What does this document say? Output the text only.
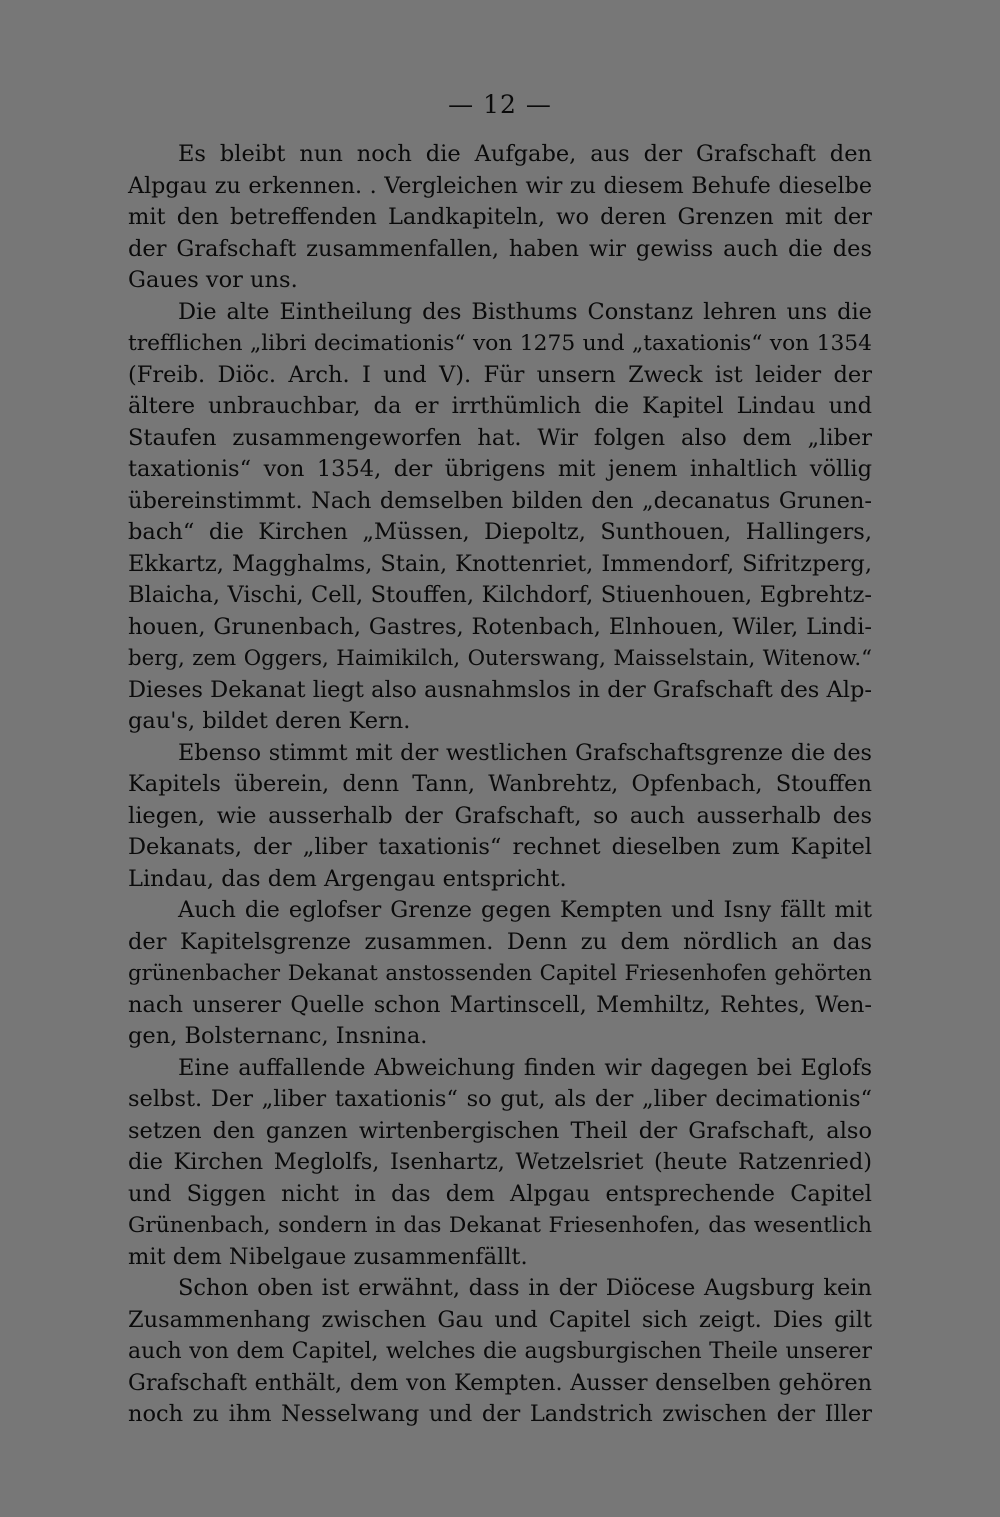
— 12 —
Es bleibt nun noch die Aufgabe, aus der Grafschaft den
Alpgau zu erkennen. . Vergleichen wir zu diesem Behufe dieselbe
mit den betreffenden Landkapiteln, wo deren Grenzen mit der
der Grafschaft zusammenfallen, haben wir gewiss auch die des
Gaues vor uns.
Die alte Eintheilung des Bisthums Constanz lehren uns die
trefflichen „libri decimationis“ von 1275 und „taxationis“ von 1354
(Freib. Diöc. Arch. I und V). Für unsern Zweck ist leider der
ältere unbrauchbar, da er irrthümlich die Kapitel Lindau und
Staufen zusammengeworfen hat. Wir folgen also dem „liber
taxationis“ von 1354, der übrigens mit jenem inhaltlich völlig
übereinstimmt. Nach demselben bilden den „decanatus Grunen-
bach“ die Kirchen „Müssen, Diepoltz, Sunthouen, Hallingers,
Ekkartz, Magghalms, Stain, Knottenriet, Immendorf, Sifritzperg,
Blaicha, Vischi, Cell, Stouffen, Kilchdorf, Stiuenhouen, Egbrehtz-
houen, Grunenbach, Gastres, Rotenbach, Elnhouen, Wiler, Lindi-
berg, zem Oggers, Haimikilch, Outerswang, Maisselstain, Witenow.“
Dieses Dekanat liegt also ausnahmslos in der Grafschaft des Alp-
gau's, bildet deren Kern.
Ebenso stimmt mit der westlichen Grafschaftsgrenze die des
Kapitels überein, denn Tann, Wanbrehtz, Opfenbach, Stouffen
liegen, wie ausserhalb der Grafschaft, so auch ausserhalb des
Dekanats, der „liber taxationis“ rechnet dieselben zum Kapitel
Lindau, das dem Argengau entspricht.
Auch die eglofser Grenze gegen Kempten und Isny fällt mit
der Kapitelsgrenze zusammen. Denn zu dem nördlich an das
grünenbacher Dekanat anstossenden Capitel Friesenhofen gehörten
nach unserer Quelle schon Martinscell, Memhiltz, Rehtes, Wen-
gen, Bolsternanc, Insnina.
Eine auffallende Abweichung finden wir dagegen bei Eglofs
selbst. Der „liber taxationis“ so gut, als der „liber decimationis“
setzen den ganzen wirtenbergischen Theil der Grafschaft, also
die Kirchen Meglolfs, Isenhartz, Wetzelsriet (heute Ratzenried)
und Siggen nicht in das dem Alpgau entsprechende Capitel
Grünenbach, sondern in das Dekanat Friesenhofen, das wesentlich
mit dem Nibelgaue zusammenfällt.
Schon oben ist erwähnt, dass in der Diöcese Augsburg kein
Zusammenhang zwischen Gau und Capitel sich zeigt. Dies gilt
auch von dem Capitel, welches die augsburgischen Theile unserer
Grafschaft enthält, dem von Kempten. Ausser denselben gehören
noch zu ihm Nesselwang und der Landstrich zwischen der Iller
